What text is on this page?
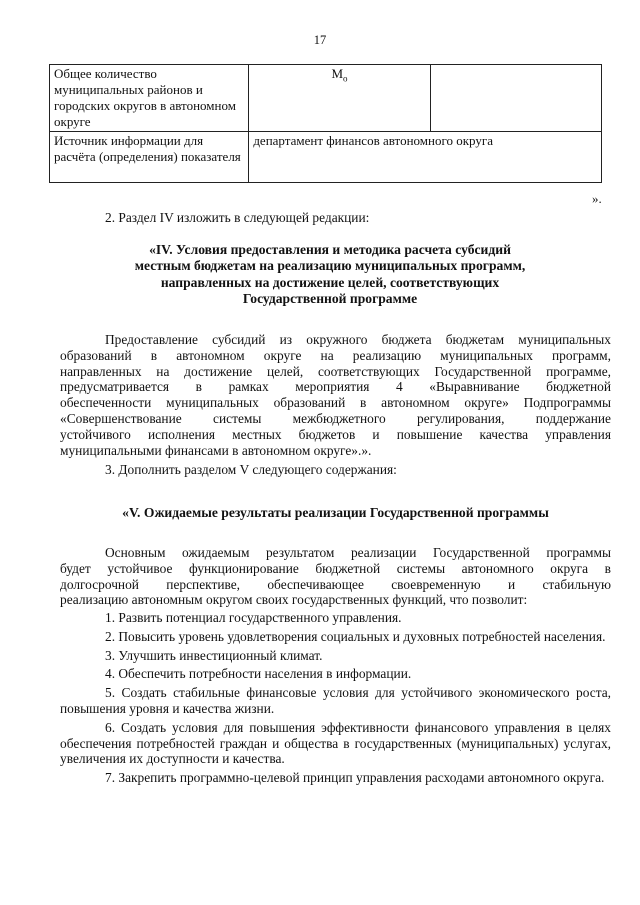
17
Общее количество муниципальных районов и городских округов в автономном округе	$M_o$	
Источник информации для расчёта (определения) показателя	департамент финансов автономного округа	
».

2. Раздел IV изложить в следующей редакции:

«IV. Условия предоставления и методика расчета субсидий
местным бюджетам на реализацию муниципальных программ,
направленных на достижение целей, соответствующих
Государственной программе
Предоставление субсидий из окружного бюджета бюджетам муниципальных
образований в автономном округе на реализацию муниципальных программ,
направленных на достижение целей, соответствующих Государственной программе,
предусматривается в рамках мероприятия 4 «Выравнивание бюджетной
обеспеченности муниципальных образований в автономном округе» Подпрограммы
«Совершенствование системы межбюджетного регулирования, поддержание
устойчивого исполнения местных бюджетов и повышение качества управления
муниципальными финансами в автономном округе».».

3. Дополнить разделом V следующего содержания:

«V. Ожидаемые результаты реализации Государственной программы
Основным ожидаемым результатом реализации Государственной программы
будет устойчивое функционирование бюджетной системы автономного округа в
долгосрочной перспективе, обеспечивающее своевременную и стабильную
реализацию автономным округом своих государственных функций, что позволит:

1. Развить потенциал государственного управления.

2. Повысить уровень удовлетворения социальных и духовных потребностей населения.

3. Улучшить инвестиционный климат.

4. Обеспечить потребности населения в информации.

5. Создать стабильные финансовые условия для устойчивого экономического роста, повышения уровня и качества жизни.

6. Создать условия для повышения эффективности финансового управления в целях обеспечения потребностей граждан и общества в государственных (муниципальных) услугах, увеличения их доступности и качества.

7. Закрепить программно-целевой принцип управления расходами автономного округа.
